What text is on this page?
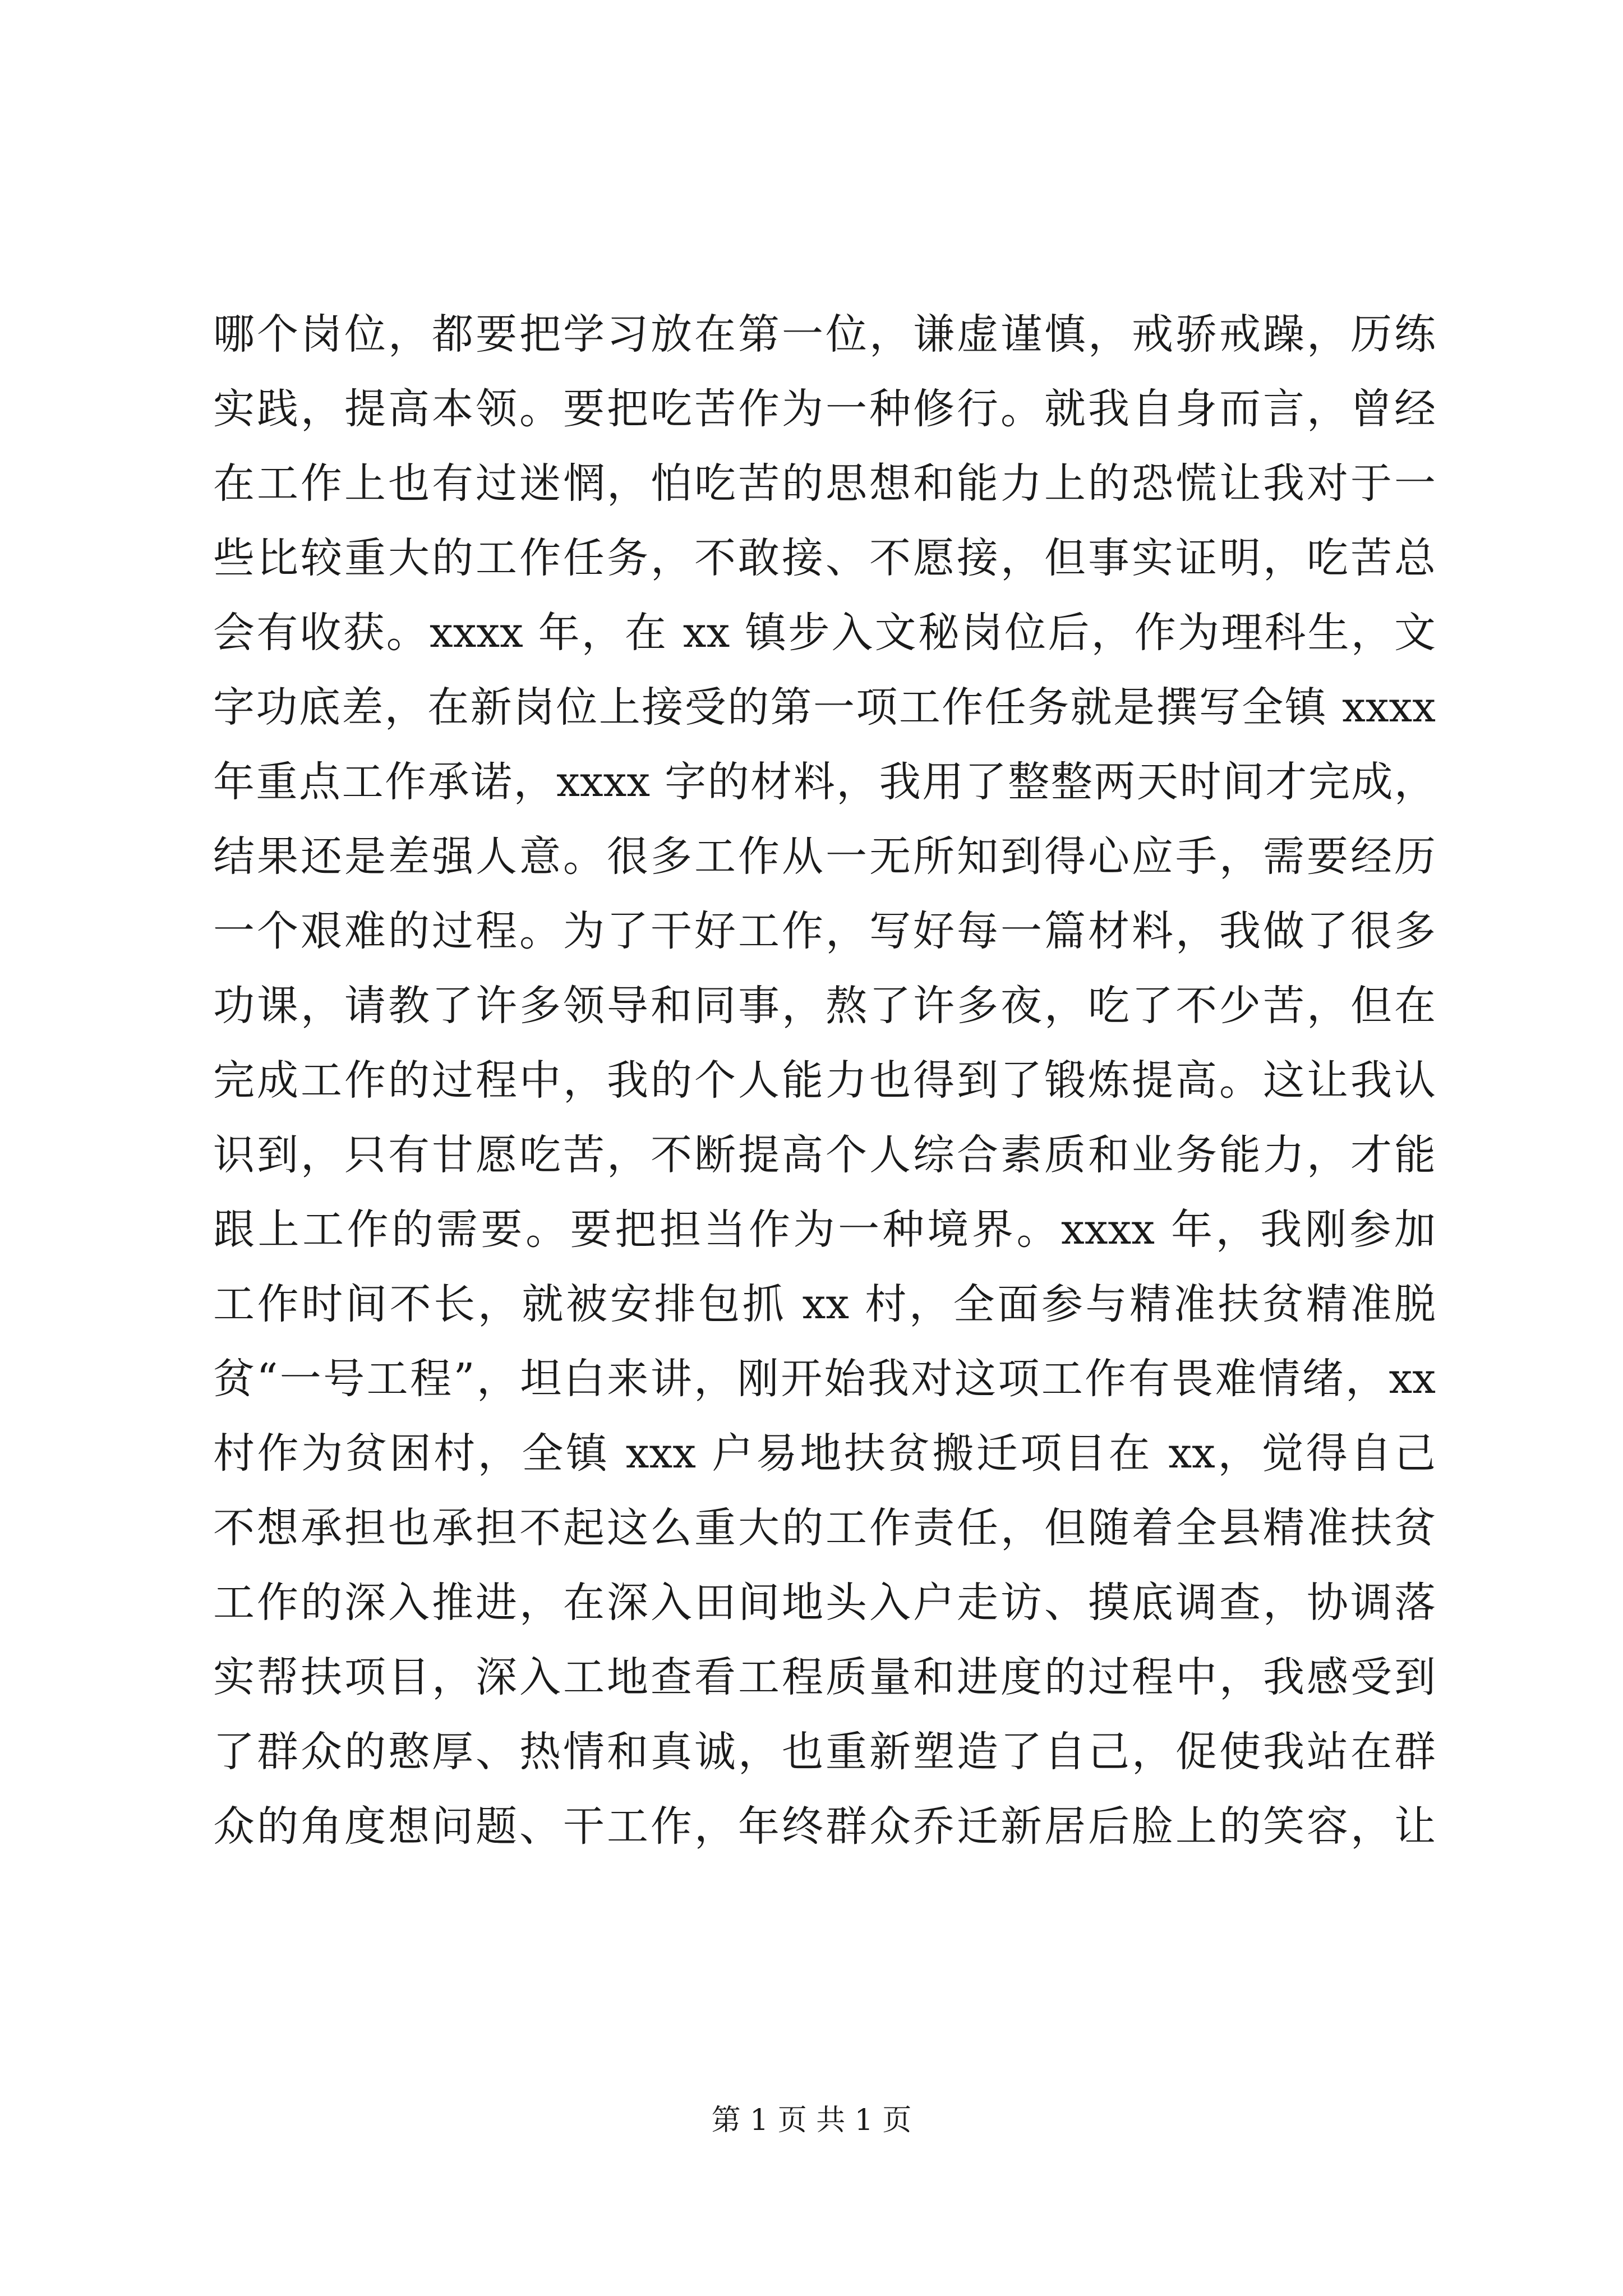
哪个岗位，都要把学习放在第一位，谦虚谨慎，戒骄戒躁，历练
实践，提高本领。要把吃苦作为一种修行。就我自身而言，曾经
在工作上也有过迷惘，怕吃苦的思想和能力上的恐慌让我对于一
些比较重大的工作任务，不敢接、不愿接，但事实证明，吃苦总
会有收获。xxxx 年，在 xx 镇步入文秘岗位后，作为理科生，文
字功底差，在新岗位上接受的第一项工作任务就是撰写全镇 xxxx
年重点工作承诺，xxxx 字的材料，我用了整整两天时间才完成，
结果还是差强人意。很多工作从一无所知到得心应手，需要经历
一个艰难的过程。为了干好工作，写好每一篇材料，我做了很多
功课，请教了许多领导和同事，熬了许多夜，吃了不少苦，但在
完成工作的过程中，我的个人能力也得到了锻炼提高。这让我认
识到，只有甘愿吃苦，不断提高个人综合素质和业务能力，才能
跟上工作的需要。要把担当作为一种境界。xxxx 年，我刚参加
工作时间不长，就被安排包抓 xx 村，全面参与精准扶贫精准脱
贫“一号工程”，坦白来讲，刚开始我对这项工作有畏难情绪，xx
村作为贫困村，全镇 xxx 户易地扶贫搬迁项目在 xx，觉得自己
不想承担也承担不起这么重大的工作责任，但随着全县精准扶贫
工作的深入推进，在深入田间地头入户走访、摸底调查，协调落
实帮扶项目，深入工地查看工程质量和进度的过程中，我感受到
了群众的憨厚、热情和真诚，也重新塑造了自己，促使我站在群
众的角度想问题、干工作，年终群众乔迁新居后脸上的笑容，让
第 1 页 共 1 页
